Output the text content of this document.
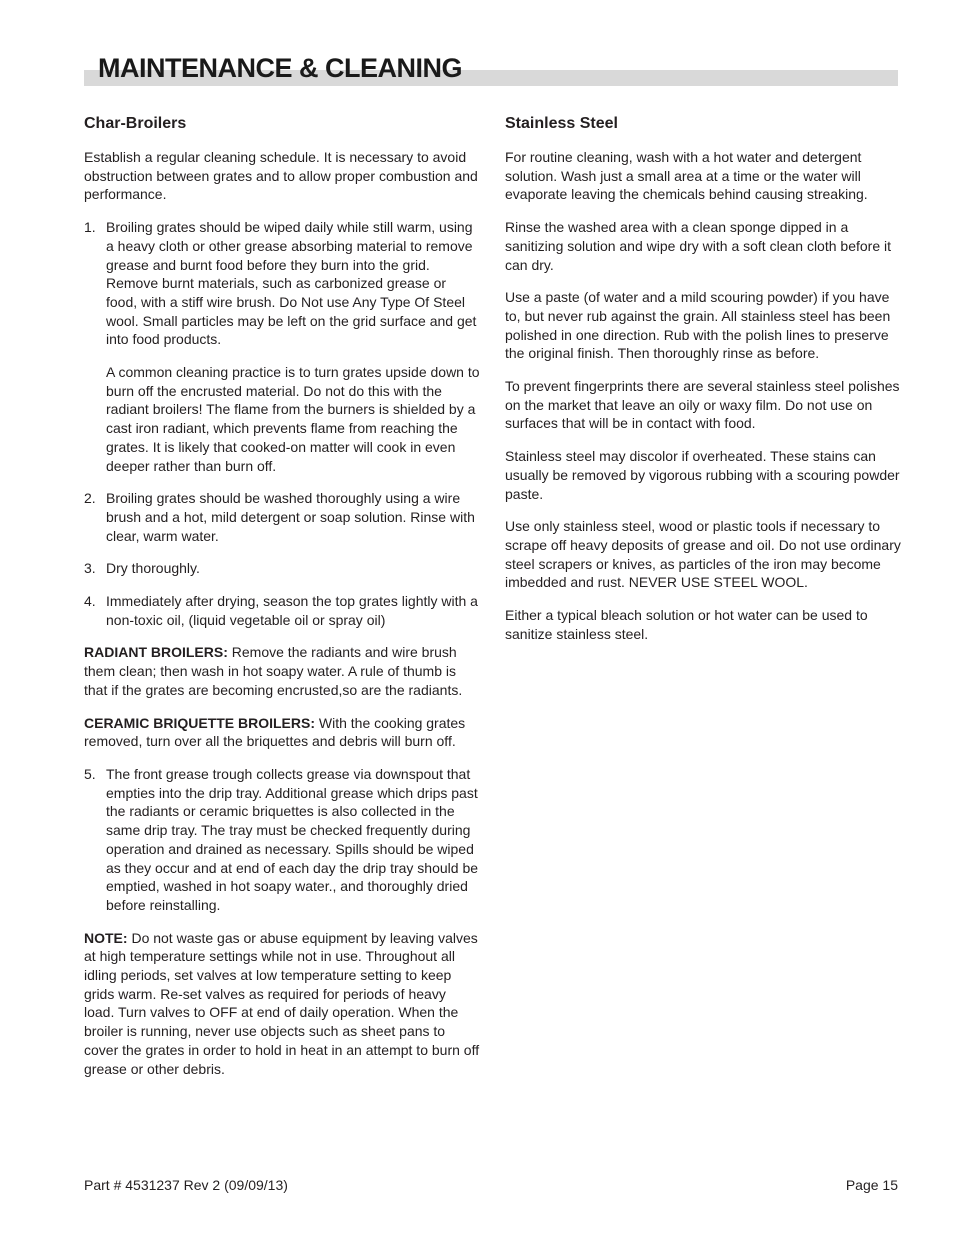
MAINTENANCE & CLEANING
Char-Broilers

Establish a regular cleaning schedule. It is necessary to avoid obstruction between grates and to allow proper combustion and performance.

1. Broiling grates should be wiped daily while still warm, using a heavy cloth or other grease absorbing material to remove grease and burnt food before they burn into the grid. Remove burnt materials, such as carbonized grease or food, with a stiff wire brush. Do Not use Any Type Of Steel wool. Small particles may be left on the grid surface and get into food products.

A common cleaning practice is to turn grates upside down to burn off the encrusted material. Do not do this with the radiant broilers! The flame from the burners is shielded by a cast iron radiant, which prevents flame from reaching the grates. It is likely that cooked-on matter will cook in even deeper rather than burn off.

2. Broiling grates should be washed thoroughly using a wire brush and a hot, mild detergent or soap solution. Rinse with clear, warm water.

3. Dry thoroughly.

4. Immediately after drying, season the top grates lightly with a non-toxic oil, (liquid vegetable oil or spray oil)

RADIANT BROILERS: Remove the radiants and wire brush them clean; then wash in hot soapy water. A rule of thumb is that if the grates are becoming encrusted,so are the radiants.

CERAMIC BRIQUETTE BROILERS: With the cooking grates removed, turn over all the briquettes and debris will burn off.

5. The front grease trough collects grease via downspout that empties into the drip tray. Additional grease which drips past the radiants or ceramic briquettes is also collected in the same drip tray. The tray must be checked frequently during operation and drained as necessary. Spills should be wiped as they occur and at end of each day the drip tray should be emptied, washed in hot soapy water., and thoroughly dried before reinstalling.

NOTE: Do not waste gas or abuse equipment by leaving valves at high temperature settings while not in use. Throughout all idling periods, set valves at low temperature setting to keep grids warm. Re-set valves as required for periods of heavy load. Turn valves to OFF at end of daily operation. When the broiler is running, never use objects such as sheet pans to cover the grates in order to hold in heat in an attempt to burn off grease or other debris.

Stainless Steel

For routine cleaning, wash with a hot water and detergent solution. Wash just a small area at a time or the water will evaporate leaving the chemicals behind causing streaking.

Rinse the washed area with a clean sponge dipped in a sanitizing solution and wipe dry with a soft clean cloth before it can dry.

Use a paste (of water and a mild scouring powder) if you have to, but never rub against the grain. All stainless steel has been polished in one direction. Rub with the polish lines to preserve the original finish. Then thoroughly rinse as before.

To prevent fingerprints there are several stainless steel polishes on the market that leave an oily or waxy film. Do not use on surfaces that will be in contact with food.

Stainless steel may discolor if overheated. These stains can usually be removed by vigorous rubbing with a scouring powder paste.

Use only stainless steel, wood or plastic tools if necessary to scrape off heavy deposits of grease and oil. Do not use ordinary steel scrapers or knives, as particles of the iron may become imbedded and rust. NEVER USE STEEL WOOL.

Either a typical bleach solution or hot water can be used to sanitize stainless steel.

Part # 4531237 Rev 2 (09/09/13)	Page 15
